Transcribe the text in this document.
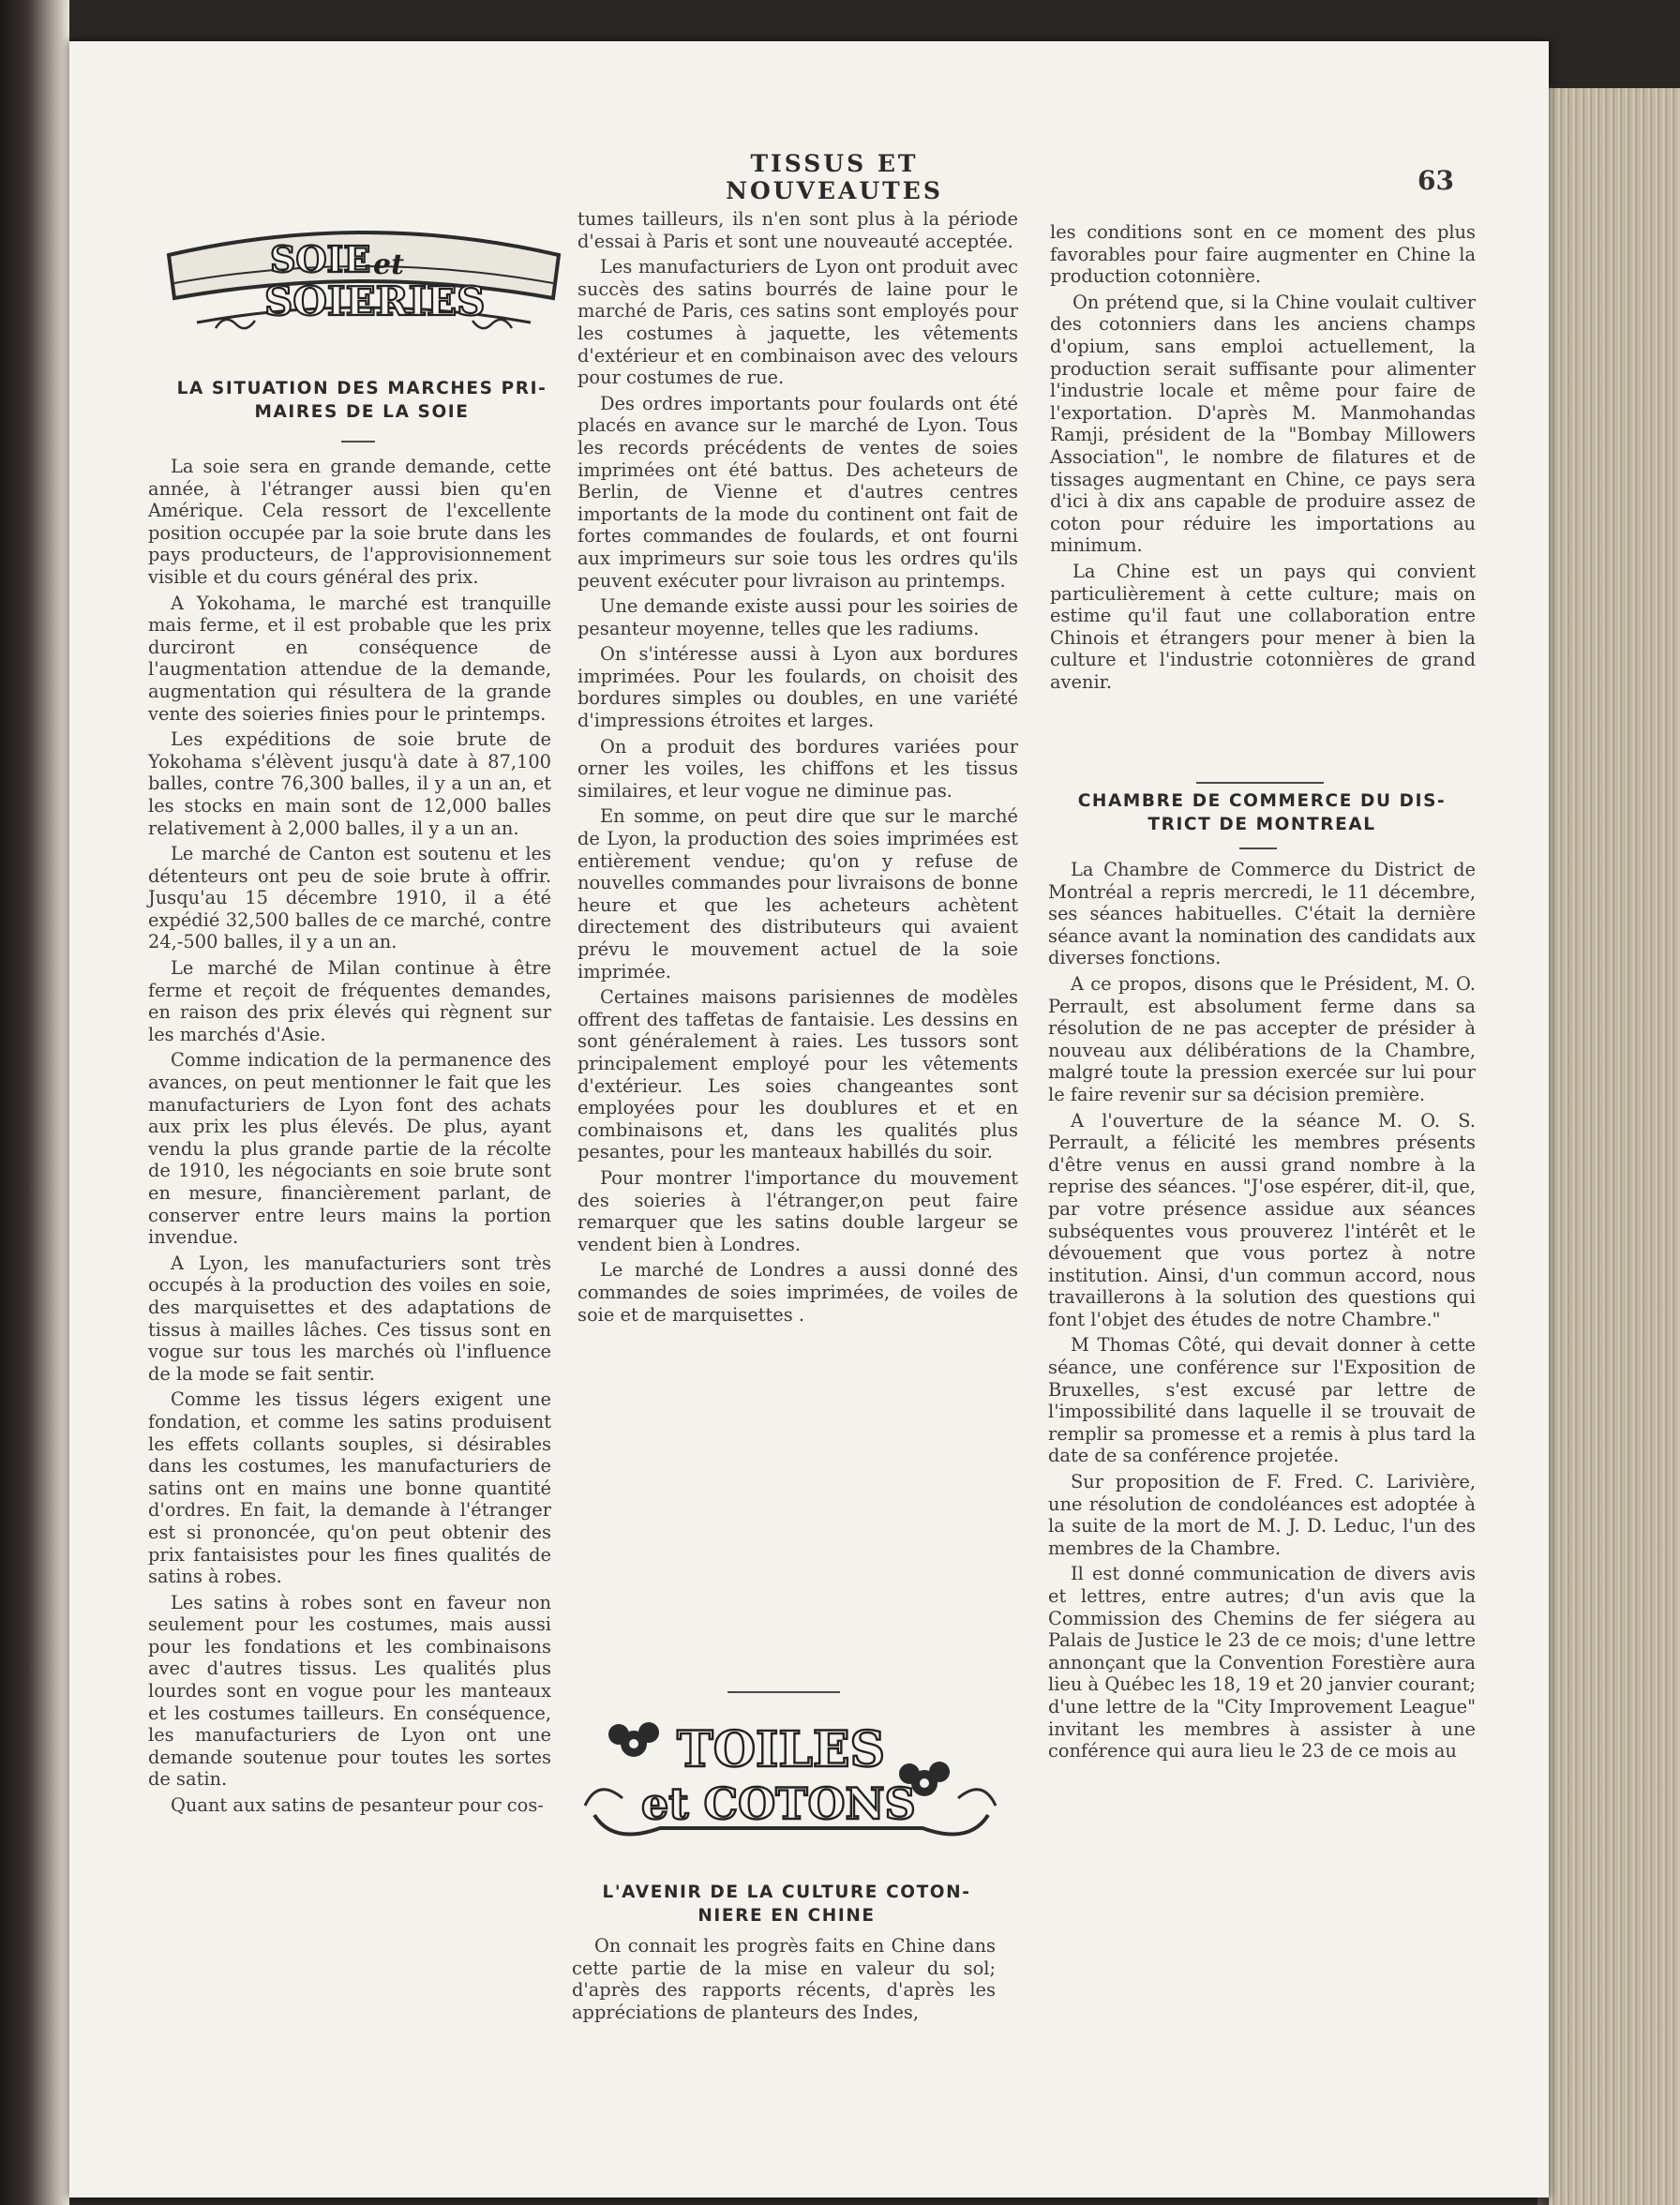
TISSUS ET NOUVEAUTES	63
SOIE et
SOIERIES
LA SITUATION DES MARCHES PRI-
MAIRES DE LA SOIE

La soie sera en grande demande, cette année, à l'étranger aussi bien qu'en Amérique. Cela ressort de l'excellente position occupée par la soie brute dans les pays producteurs, de l'approvisionnement visible et du cours général des prix.

A Yokohama, le marché est tranquille mais ferme, et il est probable que les prix durciront en conséquence de l'augmentation attendue de la demande, augmentation qui résultera de la grande vente des soieries finies pour le printemps.

Les expéditions de soie brute de Yokohama s'élèvent jusqu'à date à 87,100 balles, contre 76,300 balles, il y a un an, et les stocks en main sont de 12,000 balles relativement à 2,000 balles, il y a un an.

Le marché de Canton est soutenu et les détenteurs ont peu de soie brute à offrir. Jusqu'au 15 décembre 1910, il a été expédié 32,500 balles de ce marché, contre 24,-500 balles, il y a un an.

Le marché de Milan continue à être ferme et reçoit de fréquentes demandes, en raison des prix élevés qui règnent sur les marchés d'Asie.

Comme indication de la permanence des avances, on peut mentionner le fait que les manufacturiers de Lyon font des achats aux prix les plus élevés. De plus, ayant vendu la plus grande partie de la récolte de 1910, les négociants en soie brute sont en mesure, financièrement parlant, de conserver entre leurs mains la portion invendue.

A Lyon, les manufacturiers sont très occupés à la production des voiles en soie, des marquisettes et des adaptations de tissus à mailles lâches. Ces tissus sont en vogue sur tous les marchés où l'influence de la mode se fait sentir.

Comme les tissus légers exigent une fondation, et comme les satins produisent les effets collants souples, si désirables dans les costumes, les manufacturiers de satins ont en mains une bonne quantité d'ordres. En fait, la demande à l'étranger est si prononcée, qu'on peut obtenir des prix fantaisistes pour les fines qualités de satins à robes.

Les satins à robes sont en faveur non seulement pour les costumes, mais aussi pour les fondations et les combinaisons avec d'autres tissus. Les qualités plus lourdes sont en vogue pour les manteaux et les costumes tailleurs. En conséquence, les manufacturiers de Lyon ont une demande soutenue pour toutes les sortes de satin.

Quant aux satins de pesanteur pour cos-

tumes tailleurs, ils n'en sont plus à la période d'essai à Paris et sont une nouveauté acceptée.

Les manufacturiers de Lyon ont produit avec succès des satins bourrés de laine pour le marché de Paris, ces satins sont employés pour les costumes à jaquette, les vêtements d'extérieur et en combinaison avec des velours pour costumes de rue.

Des ordres importants pour foulards ont été placés en avance sur le marché de Lyon. Tous les records précédents de ventes de soies imprimées ont été battus. Des acheteurs de Berlin, de Vienne et d'autres centres importants de la mode du continent ont fait de fortes commandes de foulards, et ont fourni aux imprimeurs sur soie tous les ordres qu'ils peuvent exécuter pour livraison au printemps.

Une demande existe aussi pour les soiries de pesanteur moyenne, telles que les radiums.

On s'intéresse aussi à Lyon aux bordures imprimées. Pour les foulards, on choisit des bordures simples ou doubles, en une variété d'impressions étroites et larges.

On a produit des bordures variées pour orner les voiles, les chiffons et les tissus similaires, et leur vogue ne diminue pas.

En somme, on peut dire que sur le marché de Lyon, la production des soies imprimées est entièrement vendue; qu'on y refuse de nouvelles commandes pour livraisons de bonne heure et que les acheteurs achètent directement des distributeurs qui avaient prévu le mouvement actuel de la soie imprimée.

Certaines maisons parisiennes de modèles offrent des taffetas de fantaisie. Les dessins en sont généralement à raies. Les tussors sont principalement employé pour les vêtements d'extérieur. Les soies changeantes sont employées pour les doublures et et en combinaisons et, dans les qualités plus pesantes, pour les manteaux habillés du soir.

Pour montrer l'importance du mouvement des soieries à l'étranger,on peut faire remarquer que les satins double largeur se vendent bien à Londres.

Le marché de Londres a aussi donné des commandes de soies imprimées, de voiles de soie et de marquisettes .

TOILES
et COTONS
L'AVENIR DE LA CULTURE COTON-
NIERE EN CHINE

On connait les progrès faits en Chine dans cette partie de la mise en valeur du sol; d'après des rapports récents, d'après les appréciations de planteurs des Indes,

les conditions sont en ce moment des plus favorables pour faire augmenter en Chine la production cotonnière.

On prétend que, si la Chine voulait cultiver des cotonniers dans les anciens champs d'opium, sans emploi actuellement, la production serait suffisante pour alimenter l'industrie locale et même pour faire de l'exportation. D'après M. Manmohandas Ramji, président de la "Bombay Millowers Association", le nombre de filatures et de tissages augmentant en Chine, ce pays sera d'ici à dix ans capable de produire assez de coton pour réduire les importations au minimum.

La Chine est un pays qui convient particulièrement à cette culture; mais on estime qu'il faut une collaboration entre Chinois et étrangers pour mener à bien la culture et l'industrie cotonnières de grand avenir.

CHAMBRE DE COMMERCE DU DIS-
TRICT DE MONTREAL

La Chambre de Commerce du District de Montréal a repris mercredi, le 11 décembre, ses séances habituelles. C'était la dernière séance avant la nomination des candidats aux diverses fonctions.

A ce propos, disons que le Président, M. O. Perrault, est absolument ferme dans sa résolution de ne pas accepter de présider à nouveau aux délibérations de la Chambre, malgré toute la pression exercée sur lui pour le faire revenir sur sa décision première.

A l'ouverture de la séance M. O. S. Perrault, a félicité les membres présents d'être venus en aussi grand nombre à la reprise des séances. "J'ose espérer, dit-il, que, par votre présence assidue aux séances subséquentes vous prouverez l'intérêt et le dévouement que vous portez à notre institution. Ainsi, d'un commun accord, nous travaillerons à la solution des questions qui font l'objet des études de notre Chambre."

M Thomas Côté, qui devait donner à cette séance, une conférence sur l'Exposition de Bruxelles, s'est excusé par lettre de l'impossibilité dans laquelle il se trouvait de remplir sa promesse et a remis à plus tard la date de sa conférence projetée.

Sur proposition de F. Fred. C. Larivière, une résolution de condoléances est adoptée à la suite de la mort de M. J. D. Leduc, l'un des membres de la Chambre.

Il est donné communication de divers avis et lettres, entre autres; d'un avis que la Commission des Chemins de fer siégera au Palais de Justice le 23 de ce mois; d'une lettre annonçant que la Convention Forestière aura lieu à Québec les 18, 19 et 20 janvier courant; d'une lettre de la "City Improvement League" invitant les membres à assister à une conférence qui aura lieu le 23 de ce mois au
